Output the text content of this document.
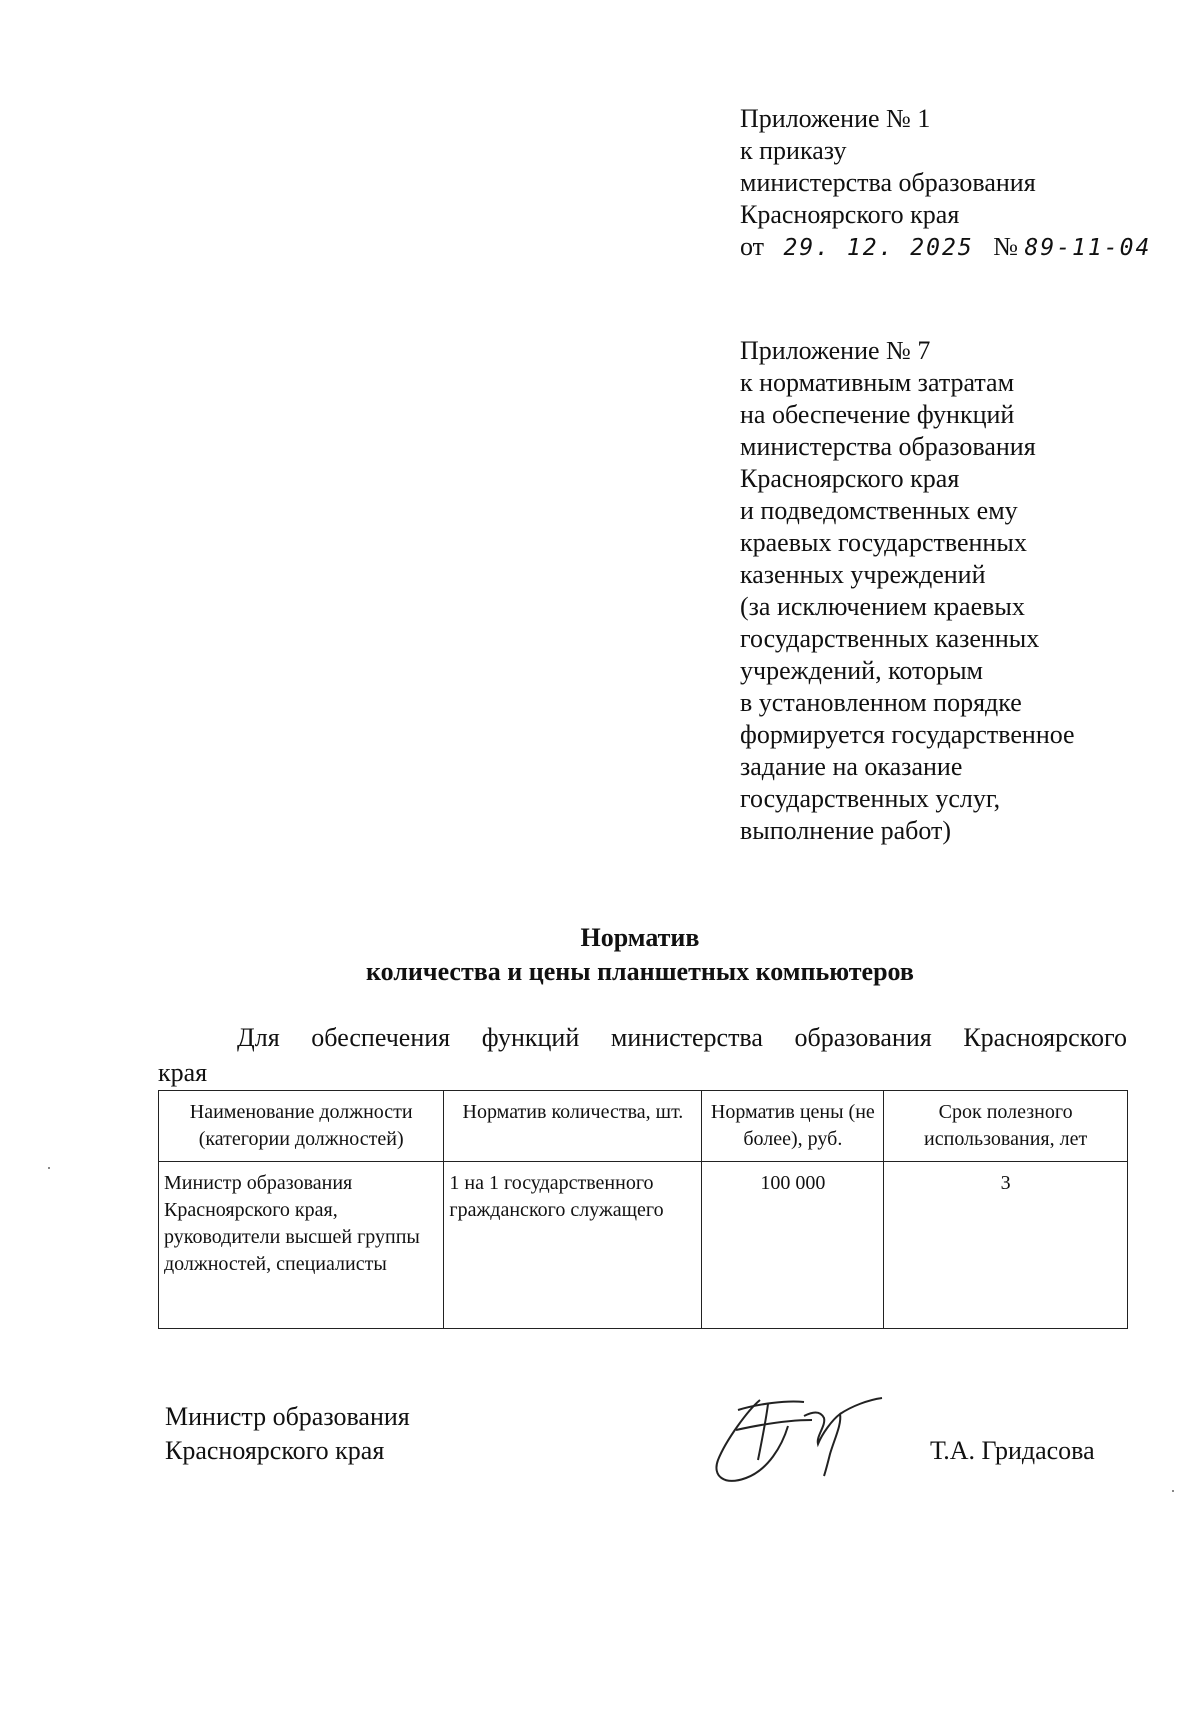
Приложение № 1
к приказу
министерства образования
Красноярского края
от 29. 12. 2025 № 89-11-04
Приложение № 7
к нормативным затратам
на обеспечение функций
министерства образования
Красноярского края
и подведомственных ему
краевых государственных
казенных учреждений
(за исключением краевых
государственных казенных
учреждений, которым
в установленном порядке
формируется государственное
задание на оказание
государственных услуг,
выполнение работ)
Норматив
количества и цены планшетных компьютеров
Для обеспечения функций министерства образования Красноярского
края
Наименование должности (категории должностей)	Норматив количества, шт.	Норматив цены (не более), руб.	Срок полезного использования, лет
Министр образования Красноярского края, руководители высшей группы должностей, специалисты	1 на 1 государственного гражданского служащего	100 000	3
Министр образования
Красноярского края	Т.А. Гридасова
